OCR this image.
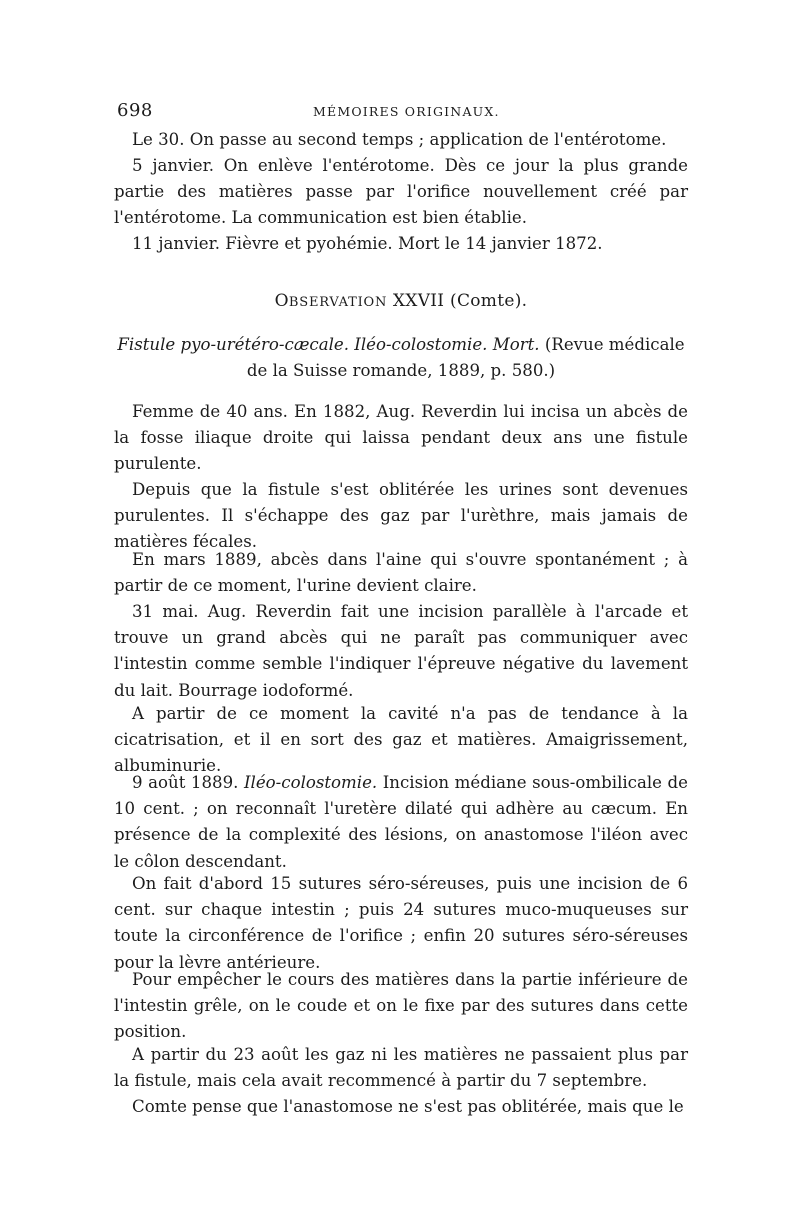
698	MÉMOIRES ORIGINAUX.

Le 30. On passe au second temps ; application de l'entérotome.

5 janvier. On enlève l'entérotome. Dès ce jour la plus grande partie des matières passe par l'orifice nouvellement créé par l'entérotome. La communication est bien établie.

11 janvier. Fièvre et pyohémie. Mort le 14 janvier 1872.

OBSERVATION XXVII (Comte).
Fistule pyo-urétéro-cæcale. Iléo-colostomie. Mort. (Revue médicale de la Suisse romande, 1889, p. 580.)

Femme de 40 ans. En 1882, Aug. Reverdin lui incisa un abcès de la fosse iliaque droite qui laissa pendant deux ans une fistule purulente.

Depuis que la fistule s'est oblitérée les urines sont devenues purulentes. Il s'échappe des gaz par l'urèthre, mais jamais de matières fécales.

En mars 1889, abcès dans l'aine qui s'ouvre spontanément ; à partir de ce moment, l'urine devient claire.

31 mai. Aug. Reverdin fait une incision parallèle à l'arcade et trouve un grand abcès qui ne paraît pas communiquer avec l'intestin comme semble l'indiquer l'épreuve négative du lavement du lait. Bourrage iodoformé.

A partir de ce moment la cavité n'a pas de tendance à la cicatrisation, et il en sort des gaz et matières. Amaigrissement, albuminurie.

9 août 1889. Iléo-colostomie. Incision médiane sous-ombilicale de 10 cent. ; on reconnaît l'uretère dilaté qui adhère au cæcum. En présence de la complexité des lésions, on anastomose l'iléon avec le côlon descendant.

On fait d'abord 15 sutures séro-séreuses, puis une incision de 6 cent. sur chaque intestin ; puis 24 sutures muco-muqueuses sur toute la circonférence de l'orifice ; enfin 20 sutures séro-séreuses pour la lèvre antérieure.

Pour empêcher le cours des matières dans la partie inférieure de l'intestin grêle, on le coude et on le fixe par des sutures dans cette position.

A partir du 23 août les gaz ni les matières ne passaient plus par la fistule, mais cela avait recommencé à partir du 7 septembre.

Comte pense que l'anastomose ne s'est pas oblitérée, mais que le
